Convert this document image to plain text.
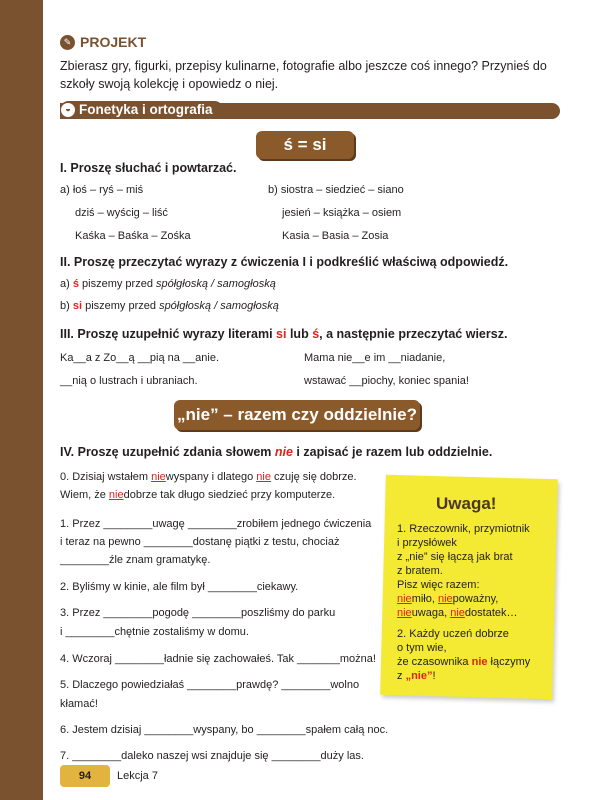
✎ PROJEKT
Zbierasz gry, figurki, przepisy kulinarne, fotografie albo jeszcze coś innego? Przynieś do szkoły swoją kolekcję i opowiedz o niej.
◒ Fonetyka i ortografia
ś = si
I. Proszę słuchać i powtarzać.
a) łoś – ryś – miś
dziś – wyścig – liść
Kaśka – Baśka – Zośka
b) siostra – siedzieć – siano
jesień – książka – osiem
Kasia – Basia – Zosia
II. Proszę przeczytać wyrazy z ćwiczenia I i podkreślić właściwą odpowiedź.
a) ś piszemy przed spółgłoską / samogłoską
b) si piszemy przed spółgłoską / samogłoską
III. Proszę uzupełnić wyrazy literami si lub ś, a następnie przeczytać wiersz.
Ka__a z Zo__ą __pią na __anie.
__nią o lustrach i ubraniach.
Mama nie__e im __niadanie,
wstawać __piochy, koniec spania!
„nie” – razem czy oddzielnie?
IV. Proszę uzupełnić zdania słowem nie i zapisać je razem lub oddzielnie.
0. Dzisiaj wstałem niewyspany i dlatego nie czuję się dobrze.
Wiem, że niedobrze tak długo siedzieć przy komputerze.
1. Przez ________uwagę ________zrobiłem jednego ćwiczenia
i teraz na pewno ________dostanę piątki z testu, chociaż
________źle znam gramatykę.
2. Byliśmy w kinie, ale film był ________ciekawy.
3. Przez ________pogodę ________poszliśmy do parku
i ________chętnie zostaliśmy w domu.
4. Wczoraj ________ładnie się zachowałeś. Tak _______można!
5. Dlaczego powiedziałaś ________prawdę? ________wolno
kłamać!
6. Jestem dzisiaj ________wyspany, bo ________spałem całą noc.
7. ________daleko naszej wsi znajduje się ________duży las.
Uwaga!
1. Rzeczownik, przymiotnik
i przysłówek
z „nie” się łączą jak brat
z bratem.
Pisz więc razem:
niemiło, niepoważny,
nieuwaga, niedostatek…
2. Każdy uczeń dobrze
o tym wie,
że czasownika nie łączymy
z „nie”!
94	Lekcja 7
